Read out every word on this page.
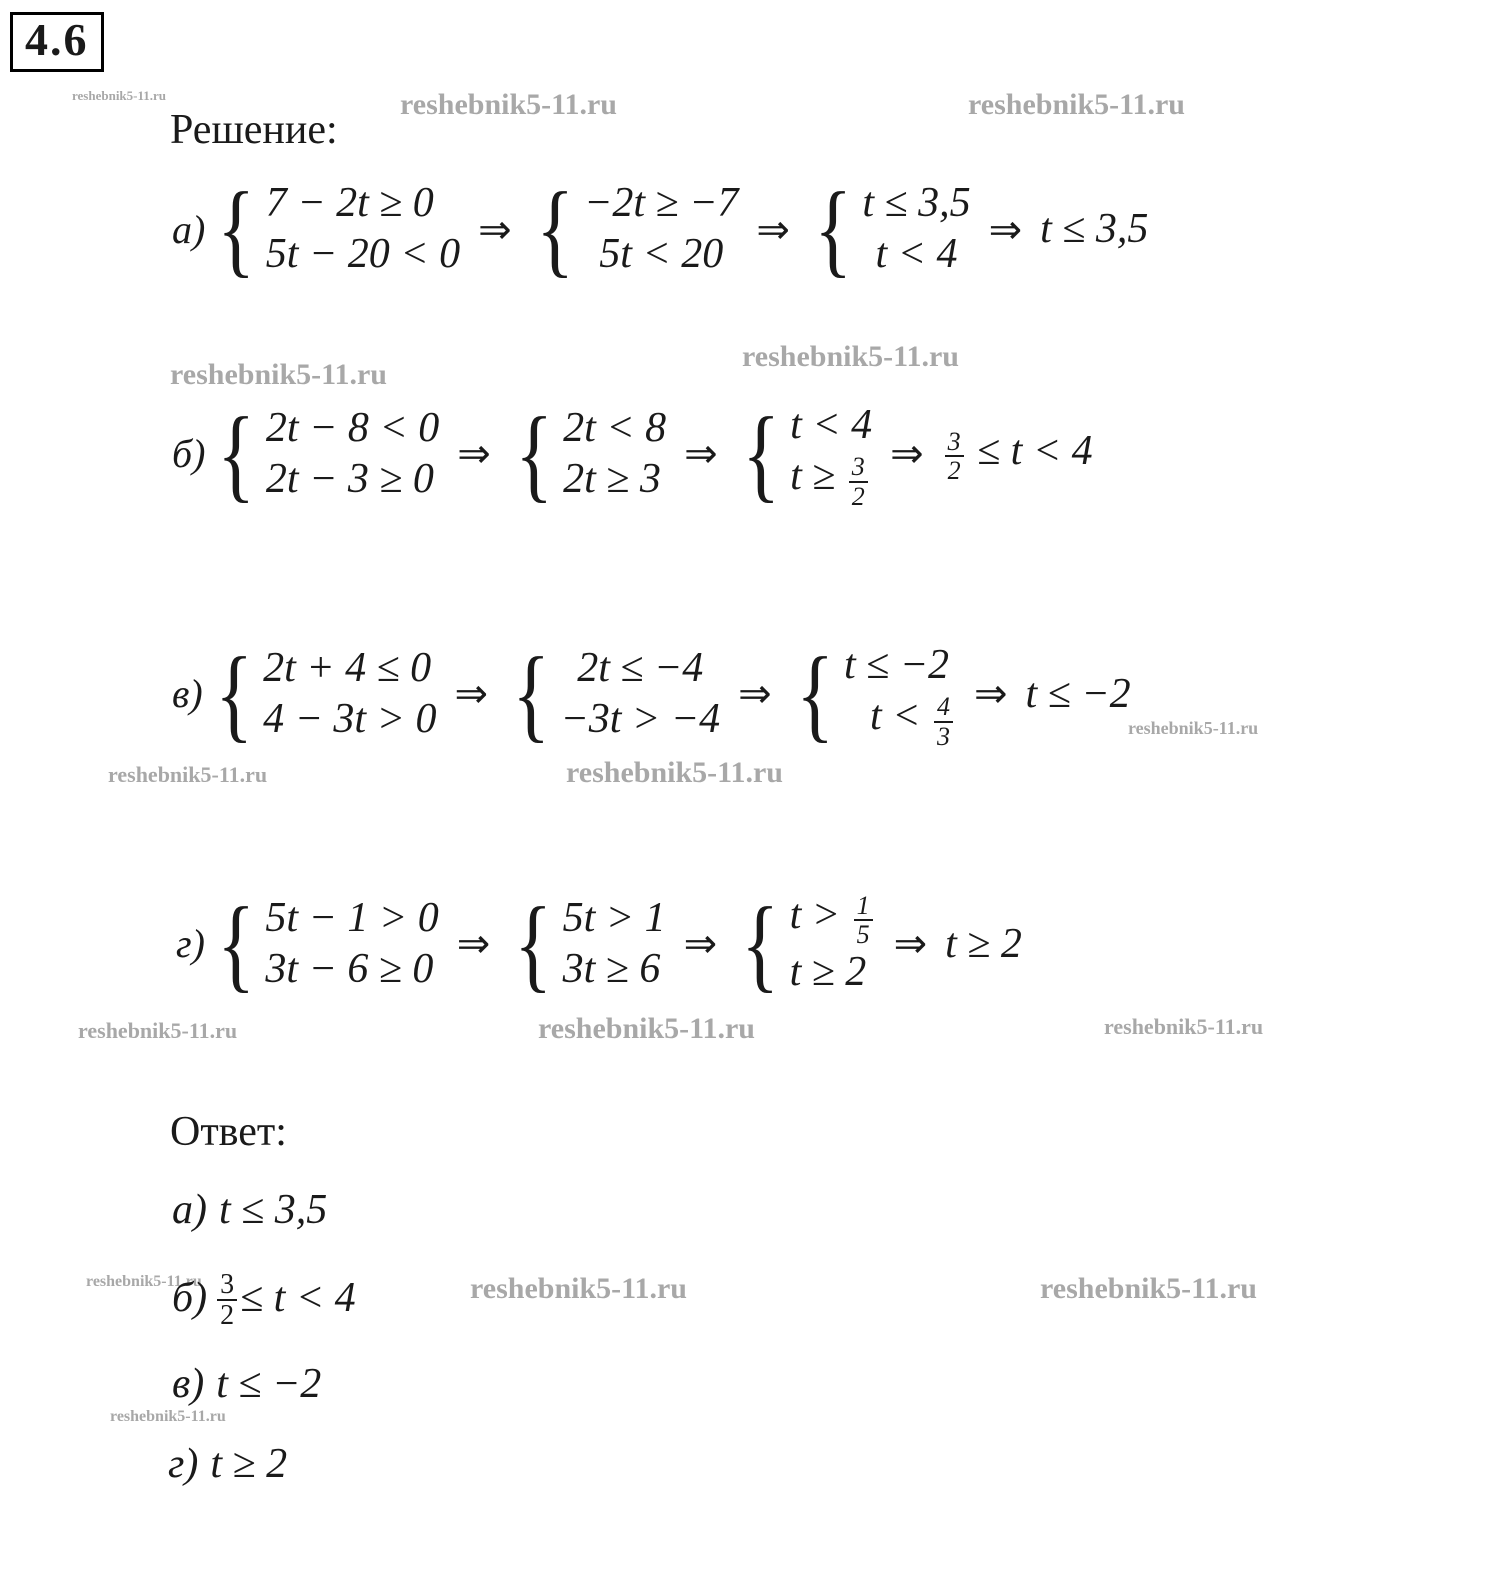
4.6
reshebnik5-11.ru	reshebnik5-11.ru	reshebnik5-11.ru
reshebnik5-11.ru
reshebnik5-11.ru
reshebnik5-11.ru	reshebnik5-11.ru
reshebnik5-11.ru
reshebnik5-11.ru	reshebnik5-11.ru	reshebnik5-11.ru
reshebnik5-11.ru	reshebnik5-11.ru	reshebnik5-11.ru
reshebnik5-11.ru
Решение:
а) { 7 − 2t ≥ 0
5t − 20 < 0
⇒ { −2t ≥ −7
5t < 20
⇒ { t ≤ 3,5
t < 4
⇒ t ≤ 3,5
б) { 2t − 8 < 0
2t − 3 ≥ 0
⇒ { 2t < 8
2t ≥ 3
⇒ { t < 4
$t \ge \frac{3}{2}$ ⇒ $\frac{3}{2} \le t < 4$
в) { 2t + 4 ≤ 0
4 − 3t > 0
⇒ { 2t ≤ −4
−3t > −4
⇒ { t ≤ −2
$t < \frac{4}{3}$ ⇒ t ≤ −2
г) { 5t − 1 > 0
3t − 6 ≥ 0
⇒ { 5t > 1
3t ≥ 6
⇒ { $t > \frac{1}{5}$
t ≥ 2
⇒ t ≥ 2
Ответ:
а) t ≤ 3,5
$б) \frac{3}{2} \le t < 4$
в) t ≤ −2
г) t ≥ 2
